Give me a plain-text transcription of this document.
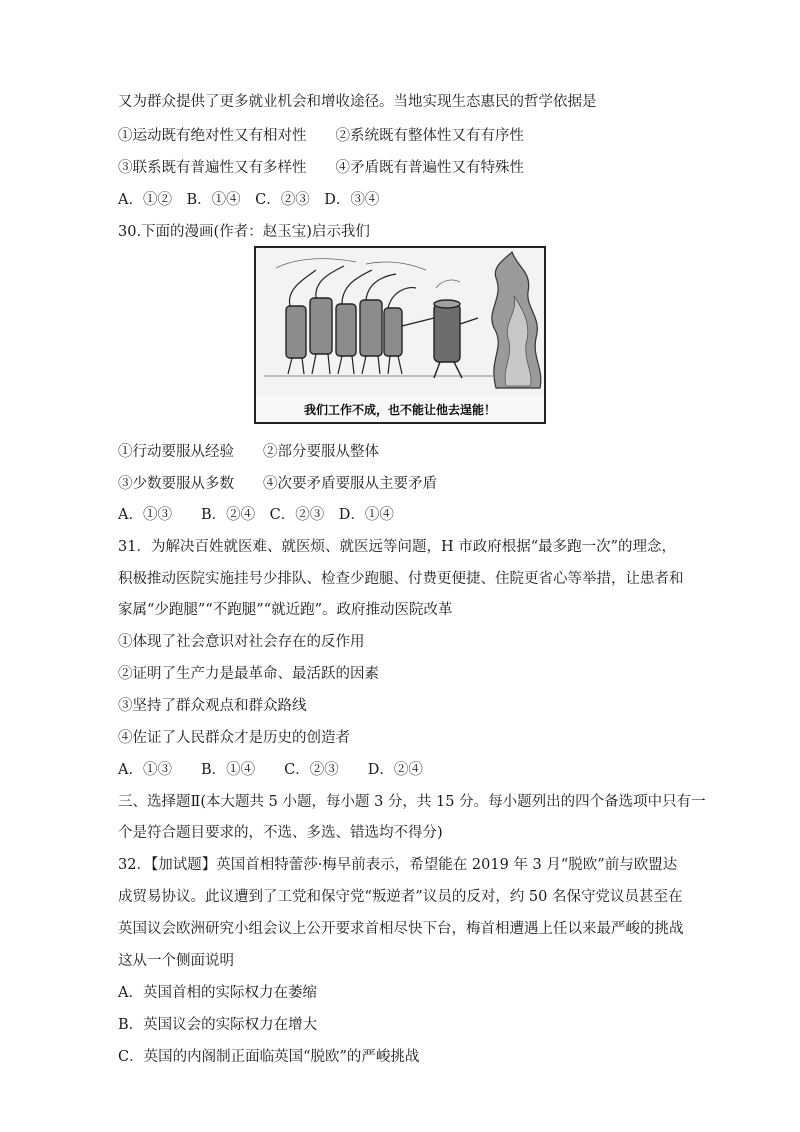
又为群众提供了更多就业机会和增收途径。当地实现生态惠民的哲学依据是
①运动既有绝对性又有相对性　　②系统既有整体性又有有序性
③联系既有普遍性又有多样性　　④矛盾既有普遍性又有特殊性
A．①②　B．①④　C．②③　D．③④
30.下面的漫画(作者：赵玉宝)启示我们
我们工作不成，也不能让他去逞能！
①行动要服从经验　　②部分要服从整体
③少数要服从多数　　④次要矛盾要服从主要矛盾
A．①③　　B．②④　C．②③　D．①④
31．为解决百姓就医难、就医烦、就医远等问题，H 市政府根据“最多跑一次”的理念，
积极推动医院实施挂号少排队、检查少跑腿、付费更便捷、住院更省心等举措，让患者和
家属“少跑腿”“不跑腿”“就近跑”。政府推动医院改革
①体现了社会意识对社会存在的反作用
②证明了生产力是最革命、最活跃的因素
③坚持了群众观点和群众路线
④佐证了人民群众才是历史的创造者
A．①③　　B．①④　　C．②③　　D．②④
三、选择题Ⅱ(本大题共 5 小题，每小题 3 分，共 15 分。每小题列出的四个备选项中只有一
个是符合题目要求的，不选、多选、错选均不得分)
32．【加试题】英国首相特蕾莎·梅早前表示，希望能在 2019 年 3 月“脱欧”前与欧盟达
成贸易协议。此议遭到了工党和保守党“叛逆者”议员的反对，约 50 名保守党议员甚至在
英国议会欧洲研究小组会议上公开要求首相尽快下台，梅首相遭遇上任以来最严峻的挑战
这从一个侧面说明
A．英国首相的实际权力在萎缩
B．英国议会的实际权力在增大
C．英国的内阁制正面临英国“脱欧”的严峻挑战
